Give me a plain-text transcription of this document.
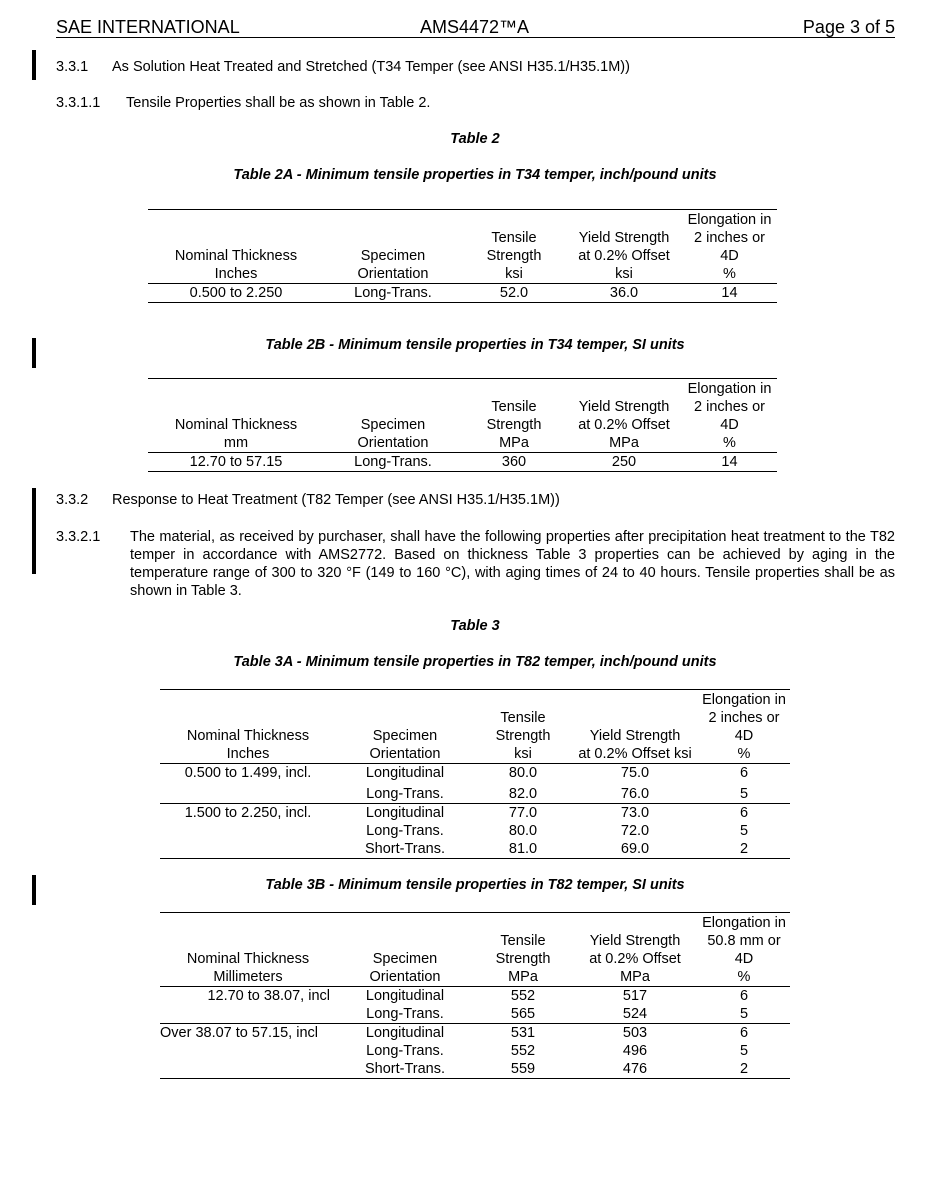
SAE INTERNATIONAL	AMS4472™A	Page 3 of 5
3.3.1 As Solution Heat Treated and Stretched (T34 Temper (see ANSI H35.1/H35.1M))
3.3.1.1 Tensile Properties shall be as shown in Table 2.
Table 2
Table 2A - Minimum tensile properties in T34 temper, inch/pound units
				Elongation in
		Tensile	Yield Strength	2 inches or
Nominal Thickness	Specimen	Strength	at 0.2% Offset	4D
Inches	Orientation	ksi	ksi	%
0.500 to 2.250	Long-Trans.	52.0	36.0	14
Table 2B - Minimum tensile properties in T34 temper, SI units
				Elongation in
		Tensile	Yield Strength	2 inches or
Nominal Thickness	Specimen	Strength	at 0.2% Offset	4D
mm	Orientation	MPa	MPa	%
12.70 to 57.15	Long-Trans.	360	250	14
3.3.2 Response to Heat Treatment (T82 Temper (see ANSI H35.1/H35.1M))
3.3.2.1 The material, as received by purchaser, shall have the following properties after precipitation heat treatment to the T82 temper in accordance with AMS2772. Based on thickness Table 3 properties can be achieved by aging in the temperature range of 300 to 320 °F (149 to 160 °C), with aging times of 24 to 40 hours. Tensile properties shall be as shown in Table 3.
Table 3
Table 3A - Minimum tensile properties in T82 temper, inch/pound units
				Elongation in
		Tensile		2 inches or
Nominal Thickness	Specimen	Strength	Yield Strength	4D
Inches	Orientation	ksi	at 0.2% Offset ksi	%
0.500 to 1.499, incl.	Longitudinal	80.0	75.0	6
	Long-Trans.	82.0	76.0	5
1.500 to 2.250, incl.	Longitudinal	77.0	73.0	6
	Long-Trans.	80.0	72.0	5
	Short-Trans.	81.0	69.0	2
Table 3B - Minimum tensile properties in T82 temper, SI units
				Elongation in
		Tensile	Yield Strength	50.8 mm or
Nominal Thickness	Specimen	Strength	at 0.2% Offset	4D
Millimeters	Orientation	MPa	MPa	%
12.70 to 38.07, incl	Longitudinal	552	517	6
	Long-Trans.	565	524	5
Over 38.07 to 57.15, incl	Longitudinal	531	503	6
	Long-Trans.	552	496	5
	Short-Trans.	559	476	2
